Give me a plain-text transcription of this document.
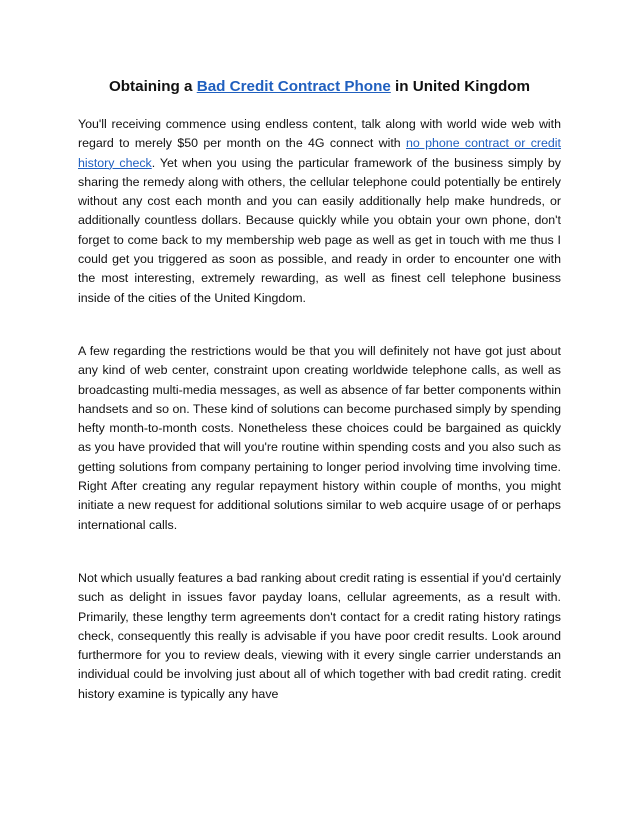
Obtaining a Bad Credit Contract Phone in United Kingdom

You'll receiving commence using endless content, talk along with world wide web with regard to merely $50 per month on the 4G connect with no phone contract or credit history check. Yet when you using the particular framework of the business simply by sharing the remedy along with others, the cellular telephone could potentially be entirely without any cost each month and you can easily additionally help make hundreds, or additionally countless dollars. Because quickly while you obtain your own phone, don't forget to come back to my membership web page as well as get in touch with me thus I could get you triggered as soon as possible, and ready in order to encounter one with the most interesting, extremely rewarding, as well as finest cell telephone business inside of the cities of the United Kingdom.

A few regarding the restrictions would be that you will definitely not have got just about any kind of web center, constraint upon creating worldwide telephone calls, as well as broadcasting multi-media messages, as well as absence of far better components within handsets and so on. These kind of solutions can become purchased simply by spending hefty month-to-month costs. Nonetheless these choices could be bargained as quickly as you have provided that will you're routine within spending costs and you also such as getting solutions from company pertaining to longer period involving time involving time. Right After creating any regular repayment history within couple of months, you might initiate a new request for additional solutions similar to web acquire usage of or perhaps international calls.

Not which usually features a bad ranking about credit rating is essential if you'd certainly such as delight in issues favor payday loans, cellular agreements, as a result with. Primarily, these lengthy term agreements don't contact for a credit rating history ratings check, consequently this really is advisable if you have poor credit results. Look around furthermore for you to review deals, viewing with it every single carrier understands an individual could be involving just about all of which together with bad credit rating. credit history examine is typically any have
